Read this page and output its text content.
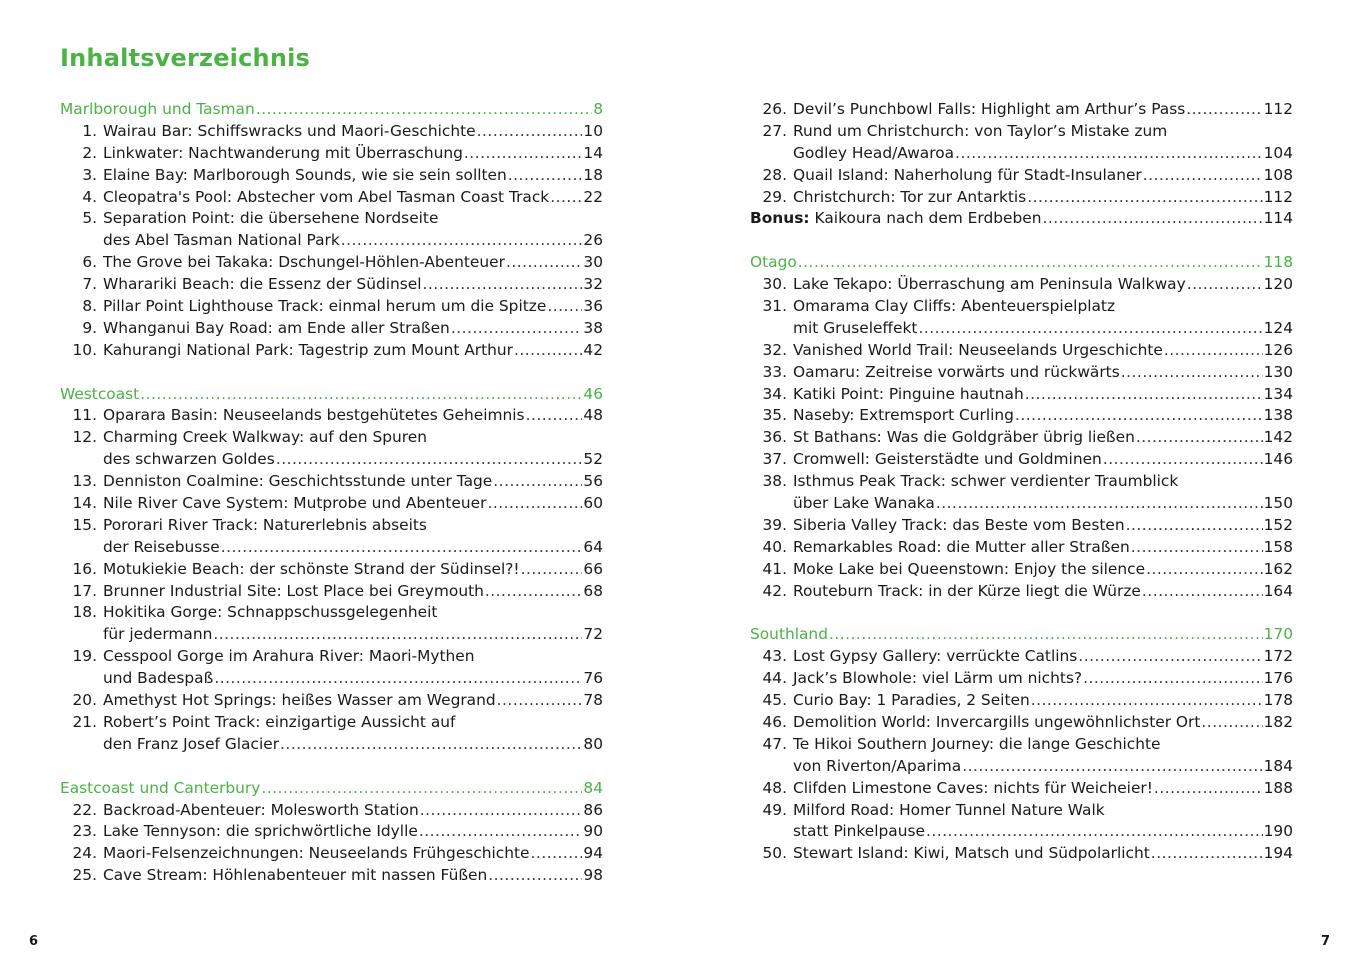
Inhaltsverzeichnis
Marlborough und Tasman .....	8
1. Wairau Bar: Schiffswracks und Maori-Geschichte .....	10
2. Linkwater: Nachtwanderung mit Überraschung .....	14
3. Elaine Bay: Marlborough Sounds, wie sie sein sollten .....	18
4. Cleopatra's Pool: Abstecher vom Abel Tasman Coast Track ..... 22
5. Separation Point: die übersehene Nordseite
des Abel Tasman National Park .....	26
6. The Grove bei Takaka: Dschungel-Höhlen-Abenteuer .....	30
7. Wharariki Beach: die Essenz der Südinsel .....	32
8. Pillar Point Lighthouse Track: einmal herum um die Spitze ..... 36
9. Whanganui Bay Road: am Ende aller Straßen .....	38
10. Kahurangi National Park: Tagestrip zum Mount Arthur .....	42
Westcoast .....	46
11. Oparara Basin: Neuseelands bestgehütetes Geheimnis .....	48
12. Charming Creek Walkway: auf den Spuren
des schwarzen Goldes .....	52
13. Denniston Coalmine: Geschichtsstunde unter Tage .....	56
14. Nile River Cave System: Mutprobe und Abenteuer .....	60
15. Pororari River Track: Naturerlebnis abseits
der Reisebusse .....	64
16. Motukiekie Beach: der schönste Strand der Südinsel?! .....	66
17. Brunner Industrial Site: Lost Place bei Greymouth .....	68
18. Hokitika Gorge: Schnappschussgelegenheit
für jedermann .....	72
19. Cesspool Gorge im Arahura River: Maori-Mythen
und Badespaß .....	76
20. Amethyst Hot Springs: heißes Wasser am Wegrand .....	78
21. Robert’s Point Track: einzigartige Aussicht auf
den Franz Josef Glacier .....	80
Eastcoast und Canterbury .....	84
22. Backroad-Abenteuer: Molesworth Station .....	86
23. Lake Tennyson: die sprichwörtliche Idylle .....	90
24. Maori-Felsenzeichnungen: Neuseelands Frühgeschichte .....	94
25. Cave Stream: Höhlenabenteuer mit nassen Füßen .....	98
26. Devil’s Punchbowl Falls: Highlight am Arthur’s Pass .....	112
27. Rund um Christchurch: von Taylor’s Mistake zum
Godley Head/Awaroa .....	104
28. Quail Island: Naherholung für Stadt-Insulaner .....	108
29. Christchurch: Tor zur Antarktis .....	112
Bonus: Kaikoura nach dem Erdbeben .....	114
Otago .....	118
30. Lake Tekapo: Überraschung am Peninsula Walkway .....	120
31. Omarama Clay Cliffs: Abenteuerspielplatz
mit Gruseleffekt .....	124
32. Vanished World Trail: Neuseelands Urgeschichte .....	126
33. Oamaru: Zeitreise vorwärts und rückwärts .....	130
34. Katiki Point: Pinguine hautnah .....	134
35. Naseby: Extremsport Curling .....	138
36. St Bathans: Was die Goldgräber übrig ließen .....	142
37. Cromwell: Geisterstädte und Goldminen .....	146
38. Isthmus Peak Track: schwer verdienter Traumblick
über Lake Wanaka .....	150
39. Siberia Valley Track: das Beste vom Besten .....	152
40. Remarkables Road: die Mutter aller Straßen .....	158
41. Moke Lake bei Queenstown: Enjoy the silence .....	162
42. Routeburn Track: in der Kürze liegt die Würze .....	164
Southland .....	170
43. Lost Gypsy Gallery: verrückte Catlins .....	172
44. Jack’s Blowhole: viel Lärm um nichts? .....	176
45. Curio Bay: 1 Paradies, 2 Seiten .....	178
46. Demolition World: Invercargills ungewöhnlichster Ort .....	182
47. Te Hikoi Southern Journey: die lange Geschichte
von Riverton/Aparima .....	184
48. Clifden Limestone Caves: nichts für Weicheier! .....	188
49. Milford Road: Homer Tunnel Nature Walk
statt Pinkelpause .....	190
50. Stewart Island: Kiwi, Matsch und Südpolarlicht .....	194
6	7
